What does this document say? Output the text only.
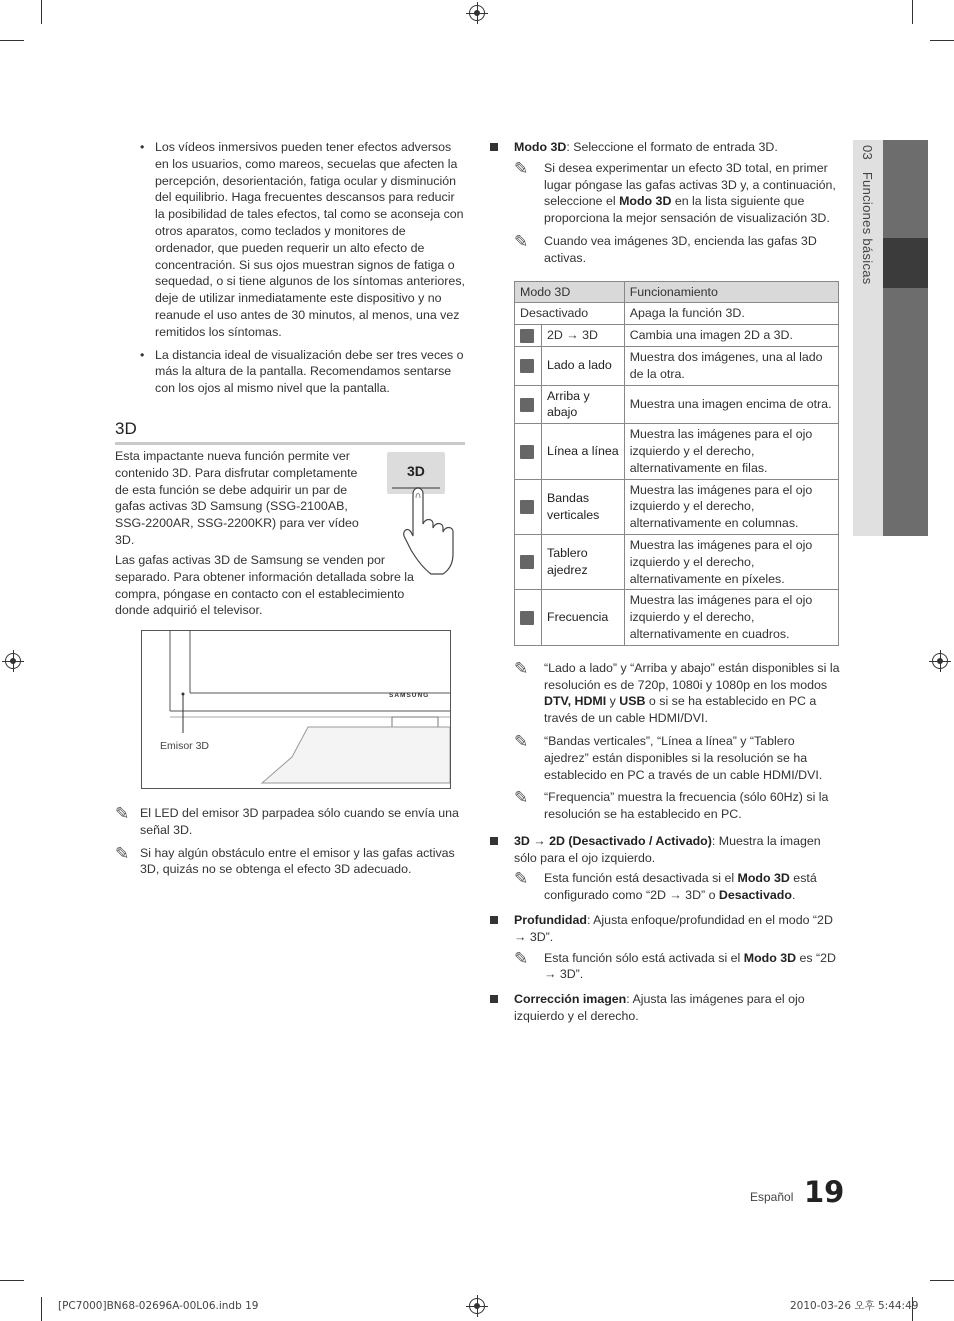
• Los vídeos inmersivos pueden tener efectos adversos en los usuarios, como mareos, secuelas que afecten la percepción, desorientación, fatiga ocular y disminución del equilibrio. Haga frecuentes descansos para reducir la posibilidad de tales efectos, tal como se aconseja con otros aparatos, como teclados y monitores de ordenador, que pueden requerir un alto efecto de concentración. Si sus ojos muestran signos de fatiga o sequedad, o si tiene algunos de los síntomas anteriores, deje de utilizar inmediatamente este dispositivo y no reanude el uso antes de 30 minutos, al menos, una vez remitidos los síntomas.
• La distancia ideal de visualización debe ser tres veces o más la altura de la pantalla. Recomendamos sentarse con los ojos al mismo nivel que la pantalla.
3D
Esta impactante nueva función permite ver contenido 3D. Para disfrutar completamente de esta función se debe adquirir un par de gafas activas 3D Samsung (SSG-2100AB, SSG-2200AR, SSG-2200KR) para ver vídeo 3D.
Las gafas activas 3D de Samsung se venden por separado. Para obtener información detallada sobre la compra, póngase en contacto con el establecimiento donde adquirió el televisor.
3D
SAMSUNG
Emisor 3D
✎ El LED del emisor 3D parpadea sólo cuando se envía una señal 3D.
✎ Si hay algún obstáculo entre el emisor y las gafas activas 3D, quizás no se obtenga el efecto 3D adecuado.
Modo 3D: Seleccione el formato de entrada 3D.
✎ Si desea experimentar un efecto 3D total, en primer lugar póngase las gafas activas 3D y, a continuación, seleccione el Modo 3D en la lista siguiente que proporciona la mejor sensación de visualización 3D.
✎ Cuando vea imágenes 3D, encienda las gafas 3D activas.
Modo 3D		Funcionamiento
Desactivado		Apaga la función 3D.
	2D → 3D	Cambia una imagen 2D a 3D.
	Lado a lado	Muestra dos imágenes, una al lado de la otra.
	Arriba y abajo	Muestra una imagen encima de otra.
	Línea a línea	Muestra las imágenes para el ojo izquierdo y el derecho, alternativamente en filas.
	Bandas verticales	Muestra las imágenes para el ojo izquierdo y el derecho, alternativamente en columnas.
	Tablero ajedrez	Muestra las imágenes para el ojo izquierdo y el derecho, alternativamente en píxeles.
	Frecuencia	Muestra las imágenes para el ojo izquierdo y el derecho, alternativamente en cuadros.
✎ “Lado a lado” y “Arriba y abajo” están disponibles si la resolución es de 720p, 1080i y 1080p en los modos DTV, HDMI y USB o si se ha establecido en PC a través de un cable HDMI/DVI.
✎ “Bandas verticales”, “Línea a línea” y “Tablero ajedrez” están disponibles si la resolución se ha establecido en PC a través de un cable HDMI/DVI.
✎ “Frequencia” muestra la frecuencia (sólo 60Hz) si la resolución se ha establecido en PC.
3D → 2D (Desactivado / Activado): Muestra la imagen sólo para el ojo izquierdo.
✎ Esta función está desactivada si el Modo 3D está configurado como “2D → 3D” o Desactivado.
Profundidad: Ajusta enfoque/profundidad en el modo “2D → 3D”.
✎ Esta función sólo está activada si el Modo 3D es “2D → 3D”.
Corrección imagen: Ajusta las imágenes para el ojo izquierdo y el derecho.
03   Funciones básicas
Español 19
[PC7000]BN68-02696A-00L06.indb 19	2010-03-26 오후 5:44:49
